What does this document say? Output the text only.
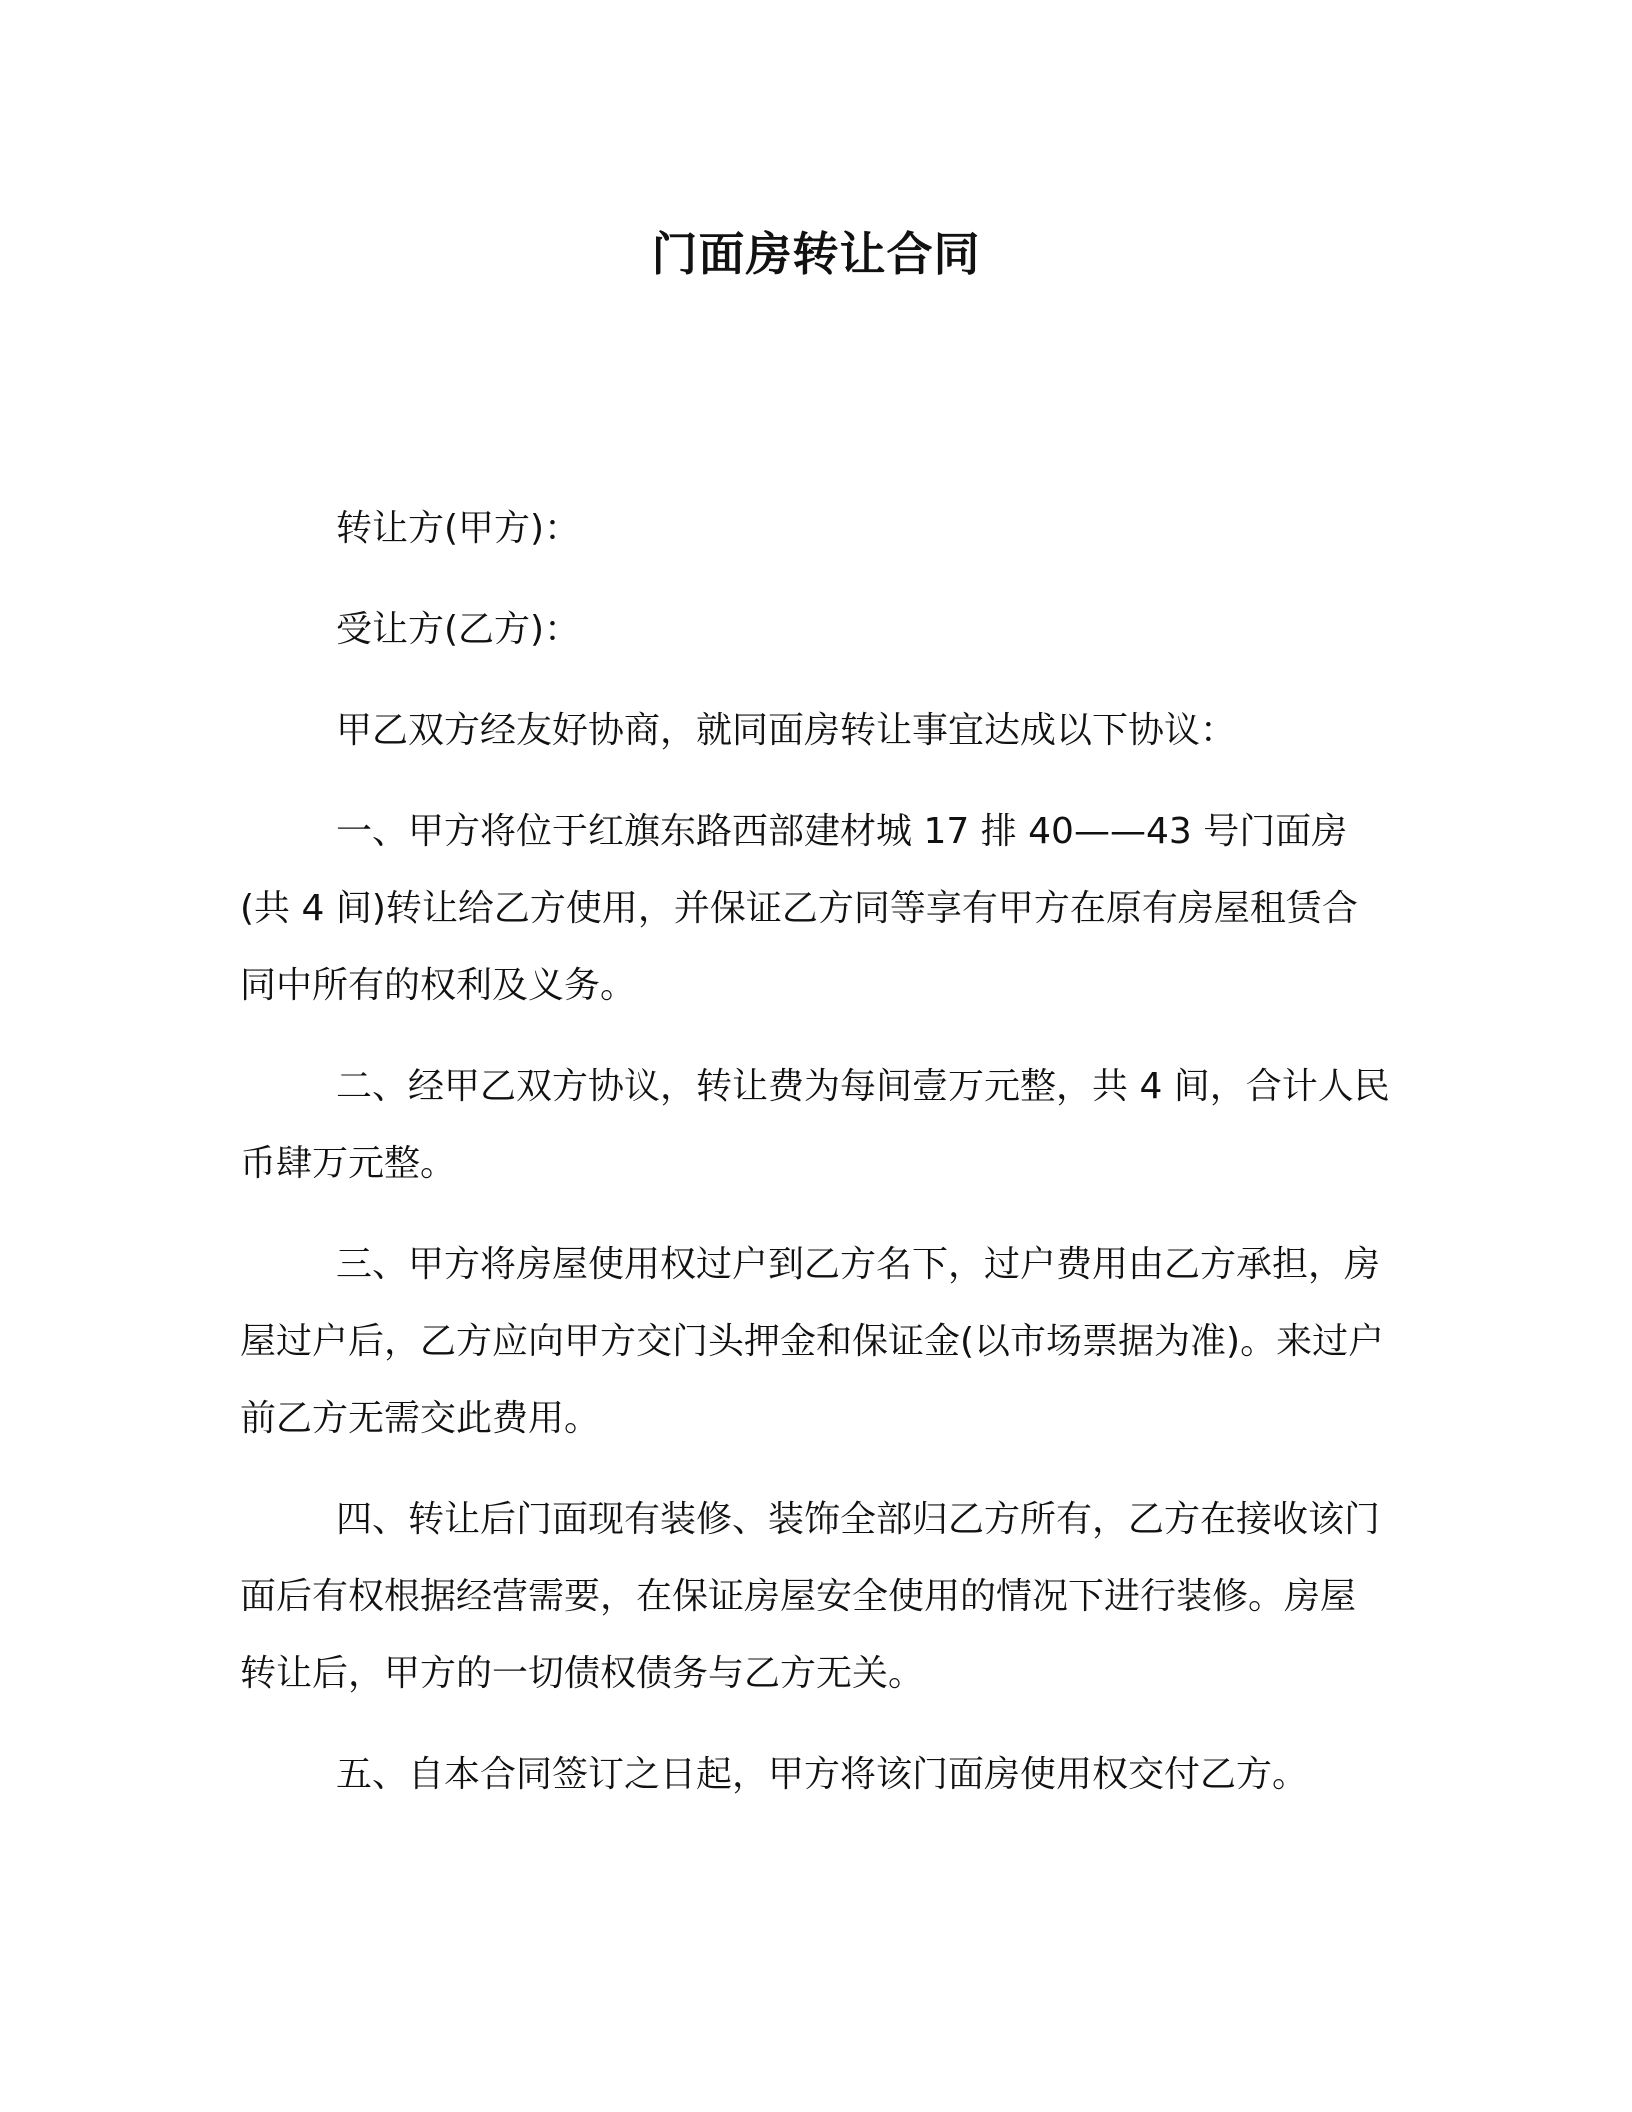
门面房转让合同

转让方(甲方)：

受让方(乙方)：

甲乙双方经友好协商，就同面房转让事宜达成以下协议：

一、甲方将位于红旗东路西部建材城 17 排 40——43 号门面房(共 4 间)转让给乙方使用，并保证乙方同等享有甲方在原有房屋租赁合同中所有的权利及义务。

二、经甲乙双方协议，转让费为每间壹万元整，共 4 间，合计人民币肆万元整。

三、甲方将房屋使用权过户到乙方名下，过户费用由乙方承担，房屋过户后，乙方应向甲方交门头押金和保证金(以市场票据为准)。来过户前乙方无需交此费用。

四、转让后门面现有装修、装饰全部归乙方所有，乙方在接收该门面后有权根据经营需要，在保证房屋安全使用的情况下进行装修。房屋转让后，甲方的一切债权债务与乙方无关。

五、自本合同签订之日起，甲方将该门面房使用权交付乙方。
